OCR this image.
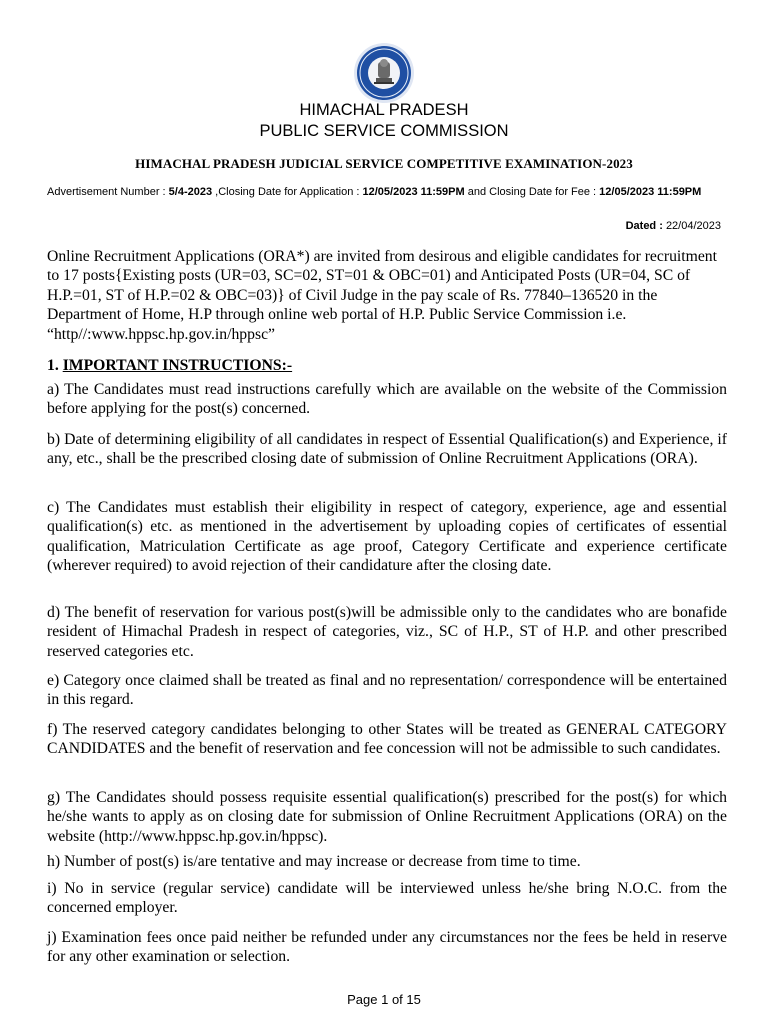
HIMACHAL PRADESH
PUBLIC SERVICE COMMISSION
HIMACHAL PRADESH JUDICIAL SERVICE COMPETITIVE EXAMINATION-2023
Advertisement Number : 5/4-2023 ,Closing Date for Application : 12/05/2023 11:59PM and Closing Date for Fee : 12/05/2023 11:59PM
Dated : 22/04/2023

Online Recruitment Applications (ORA*) are invited from desirous and eligible candidates for recruitment to 17 posts{Existing posts (UR=03, SC=02, ST=01 & OBC=01) and Anticipated Posts (UR=04, SC of H.P.=01, ST of H.P.=02 & OBC=03)} of Civil Judge in the pay scale of Rs. 77840–136520 in the Department of Home, H.P through online web portal of H.P. Public Service Commission i.e. “http//:www.hppsc.hp.gov.in/hppsc”

1. IMPORTANT INSTRUCTIONS:-

a) The Candidates must read instructions carefully which are available on the website of the Commission before applying for the post(s) concerned.

b) Date of determining eligibility of all candidates in respect of Essential Qualification(s) and Experience, if any, etc., shall be the prescribed closing date of submission of Online Recruitment Applications (ORA).

c) The Candidates must establish their eligibility in respect of category, experience, age and essential qualification(s) etc. as mentioned in the advertisement by uploading copies of certificates of essential qualification, Matriculation Certificate as age proof, Category Certificate and experience certificate (wherever required) to avoid rejection of their candidature after the closing date.

d) The benefit of reservation for various post(s)will be admissible only to the candidates who are bonafide resident of Himachal Pradesh in respect of categories, viz., SC of H.P., ST of H.P. and other prescribed reserved categories etc.

e) Category once claimed shall be treated as final and no representation/ correspondence will be entertained in this regard.

f) The reserved category candidates belonging to other States will be treated as GENERAL CATEGORY CANDIDATES and the benefit of reservation and fee concession will not be admissible to such candidates.

g) The Candidates should possess requisite essential qualification(s) prescribed for the post(s) for which he/she wants to apply as on closing date for submission of Online Recruitment Applications (ORA) on the website (http://www.hppsc.hp.gov.in/hppsc).

h) Number of post(s) is/are tentative and may increase or decrease from time to time.

i) No in service (regular service) candidate will be interviewed unless he/she bring N.O.C. from the concerned employer.

j) Examination fees once paid neither be refunded under any circumstances nor the fees be held in reserve for any other examination or selection.

Page 1 of 15
